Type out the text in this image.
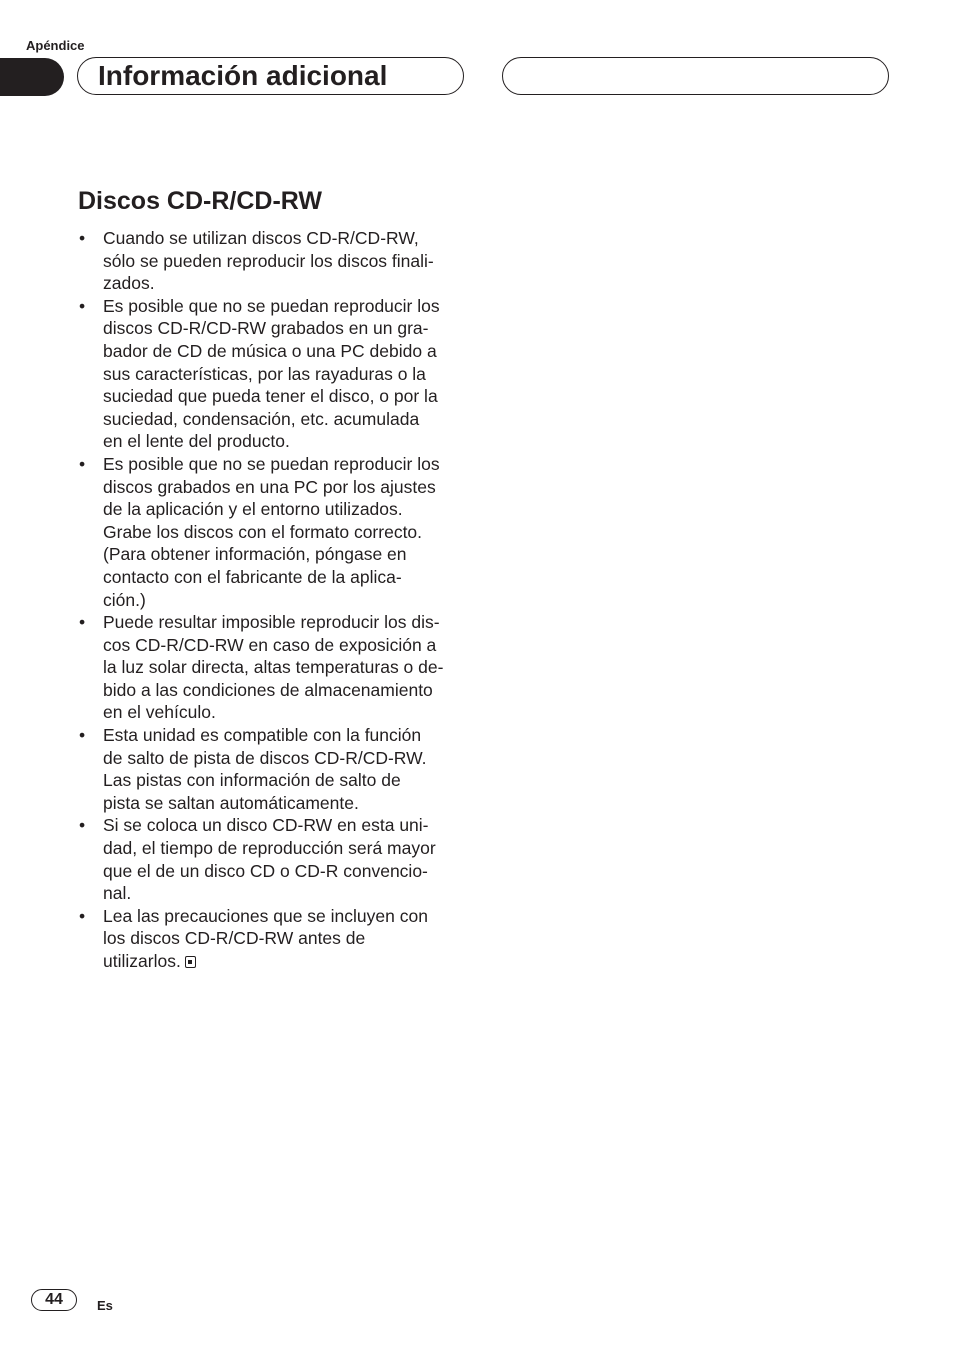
Apéndice
Información adicional
Discos CD-R/CD-RW
• Cuando se utilizan discos CD-R/CD-RW,
sólo se pueden reproducir los discos finali-
zados.
• Es posible que no se puedan reproducir los
discos CD-R/CD-RW grabados en un gra-
bador de CD de música o una PC debido a
sus características, por las rayaduras o la
suciedad que pueda tener el disco, o por la
suciedad, condensación, etc. acumulada
en el lente del producto.
• Es posible que no se puedan reproducir los
discos grabados en una PC por los ajustes
de la aplicación y el entorno utilizados.
Grabe los discos con el formato correcto.
(Para obtener información, póngase en
contacto con el fabricante de la aplica-
ción.)
• Puede resultar imposible reproducir los dis-
cos CD-R/CD-RW en caso de exposición a
la luz solar directa, altas temperaturas o de-
bido a las condiciones de almacenamiento
en el vehículo.
• Esta unidad es compatible con la función
de salto de pista de discos CD-R/CD-RW.
Las pistas con información de salto de
pista se saltan automáticamente.
• Si se coloca un disco CD-RW en esta uni-
dad, el tiempo de reproducción será mayor
que el de un disco CD o CD-R convencio-
nal.
• Lea las precauciones que se incluyen con
los discos CD-R/CD-RW antes de
utilizarlos.
44	Es
